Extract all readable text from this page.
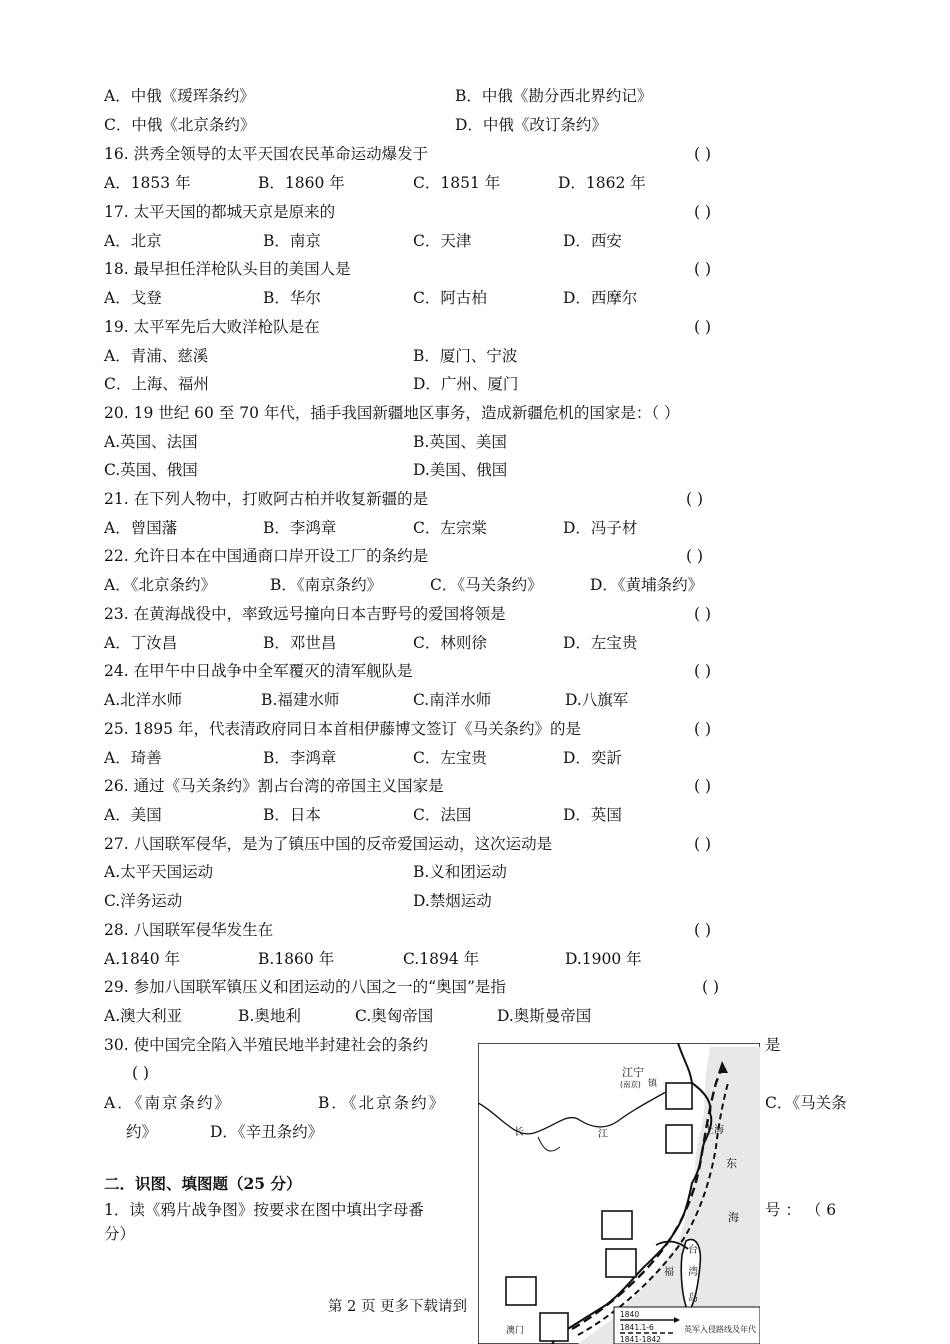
A．中俄《瑷珲条约》	B．中俄《勘分西北界约记》
C．中俄《北京条约》	D．中俄《改订条约》
16. 洪秀全领导的太平天国农民革命运动爆发于	( )
A．1853 年	B．1860 年	C．1851 年	D．1862 年
17. 太平天国的都城天京是原来的	( )
A．北京	B．南京	C．天津	D．西安
18. 最早担任洋枪队头目的美国人是	( )
A．戈登	B．华尔	C．阿古柏	D．西摩尔
19. 太平军先后大败洋枪队是在	( )
A．青浦、慈溪	B．厦门、宁波
C．上海、福州	D．广州、厦门
20. 19 世纪 60 至 70 年代，插手我国新疆地区事务，造成新疆危机的国家是：（ ）
A.英国、法国	B.英国、美国
C.英国、俄国	D.美国、俄国
21. 在下列人物中，打败阿古柏并收复新疆的是	( )
A．曾国藩	B．李鸿章	C．左宗棠	D．冯子材
22. 允许日本在中国通商口岸开设工厂的条约是	( )
A．《北京条约》	B．《南京条约》	C．《马关条约》	D．《黄埔条约》
23. 在黄海战役中，率致远号撞向日本吉野号的爱国将领是	( )
A．丁汝昌	B．邓世昌	C．林则徐	D．左宝贵
24. 在甲午中日战争中全军覆灭的清军舰队是	( )
A.北洋水师	B.福建水师	C.南洋水师	D.八旗军
25. 1895 年，代表清政府同日本首相伊藤博文签订《马关条约》的是	( )
A．琦善	B．李鸿章	C．左宝贵	D．奕訢
26. 通过《马关条约》割占台湾的帝国主义国家是	( )
A．美国	B．日本	C．法国	D．英国
27. 八国联军侵华，是为了镇压中国的反帝爱国运动，这次运动是	( )
A.太平天国运动	B.义和团运动
C.洋务运动	D.禁烟运动
28. 八国联军侵华发生在	( )
A.1840 年	B.1860 年	C.1894 年	D.1900 年
29. 参加八国联军镇压义和团运动的八国之一的“奥国”是指	( )
A.澳大利亚	B.奥地利	C.奥匈帝国	D.奥斯曼帝国
30. 使中国完全陷入半殖民地半封建社会的条约	是
( )
A．《南京条约》	B．《北京条约》	C．《马关条
约》	D．《辛丑条约》
二．识图、填图题（25 分）
1．读《鸦片战争图》按要求在图中填出字母番	号 ： （ 6
分）
第 2 页 更多下载请到
江宁
(南京) 镇
上海
长	江
东
海
福
台
湾
岛
澳门
1840
1841.1-6
1841-1842
英军入侵路线及年代
